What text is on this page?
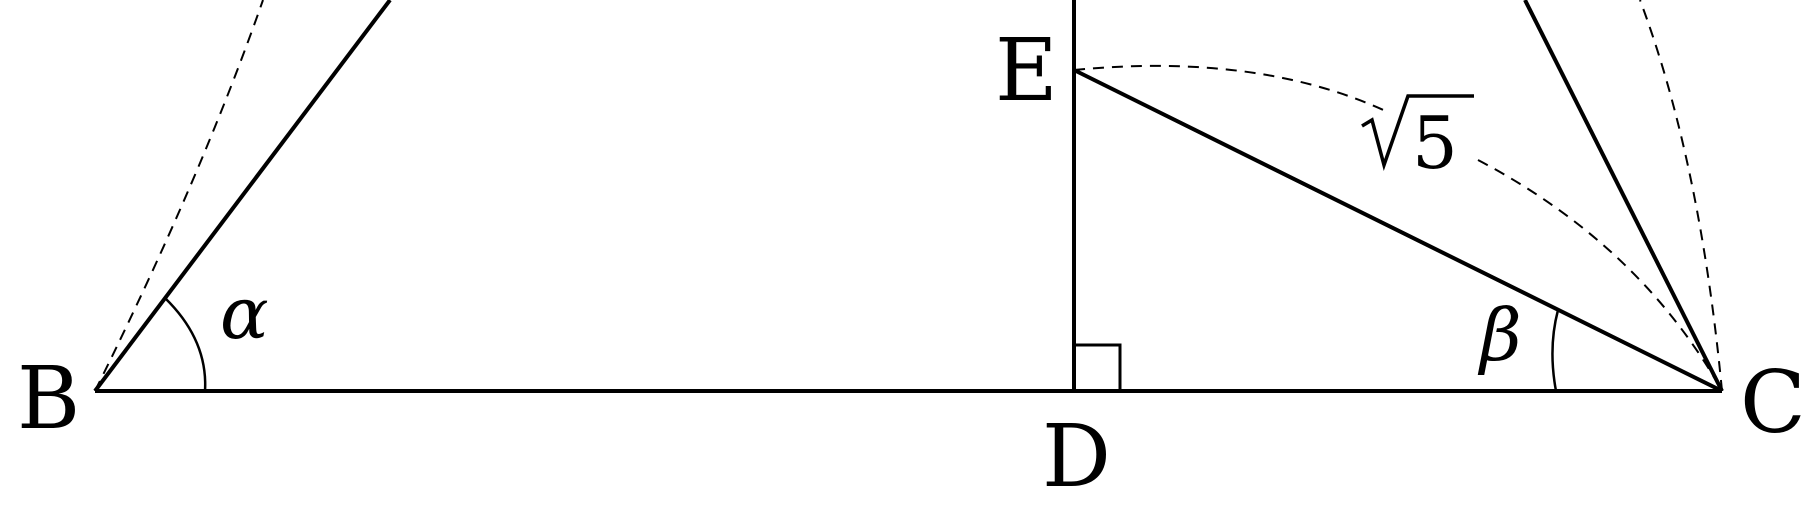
B	C
D
E
α	β
5
